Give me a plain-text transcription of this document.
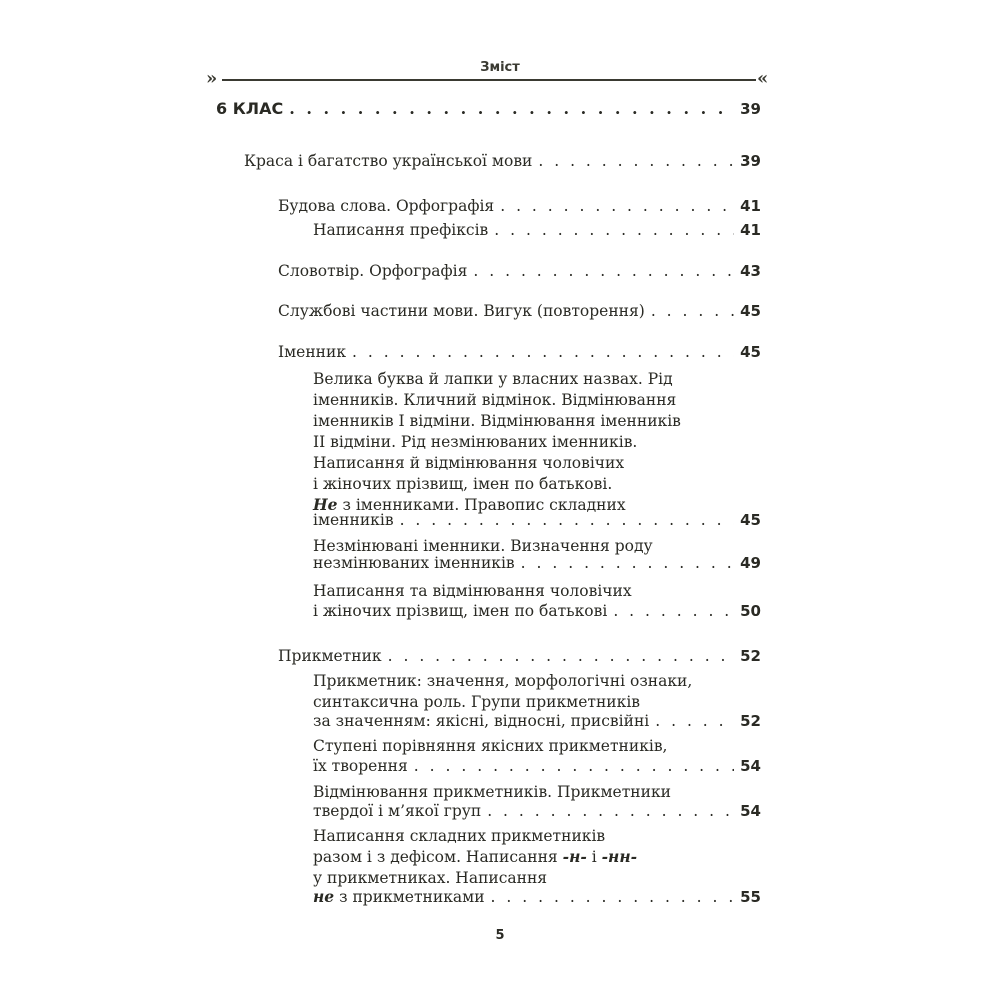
Зміст
»	«
6 КЛАС . . .	39
Краса і багатство української мови . . .	39
Будова слова. Орфографія . . .	41
Написання префіксів . . .	41
Словотвір. Орфографія . . .	43
Службові частини мови. Вигук (повторення) . . .	45
Іменник . . .	45
Велика буква й лапки у власних назвах. Рід
іменників. Кличний відмінок. Відмінювання
іменників І відміни. Відмінювання іменників
ІІ відміни. Рід незмінюваних іменників.
Написання й відмінювання чоловічих
і жіночих прізвищ, імен по батькові.
Не з іменниками. Правопис складних
іменників . . .	45
Незмінювані іменники. Визначення роду
незмінюваних іменників . . .	49
Написання та відмінювання чоловічих
і жіночих прізвищ, імен по батькові . . .	50
Прикметник . . .	52
Прикметник: значення, морфологічні ознаки,
синтаксична роль. Групи прикметників
за значенням: якісні, відносні, присвійні . . .	52
Ступені порівняння якісних прикметників,
їх творення . . .	54
Відмінювання прикметників. Прикметники
твердої і м’якої груп . . .	54
Написання складних прикметників
разом і з дефісом. Написання -н- і -нн-
у прикметниках. Написання
не з прикметниками . . .	55
5
